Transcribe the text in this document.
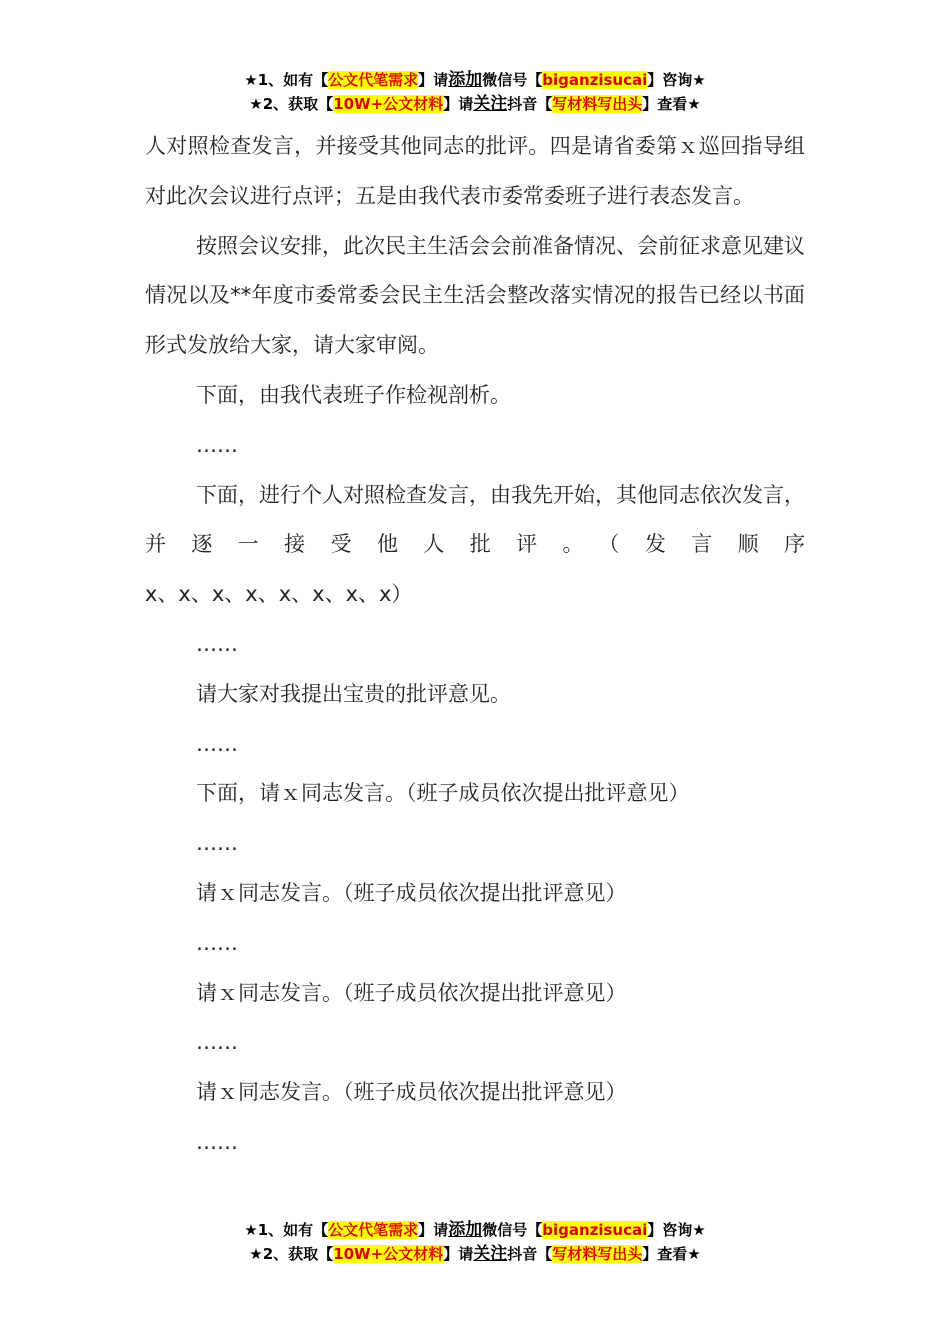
★1、如有【公文代笔需求】请添加微信号【biganzisucai】咨询★
★2、获取【10W+公文材料】请关注抖音【写材料写出头】查看★

人对照检查发言，并接受其他同志的批评。四是请省委第ｘ巡回指导组对此次会议进行点评；五是由我代表市委常委班子进行表态发言。

按照会议安排，此次民主生活会会前准备情况、会前征求意见建议情况以及**年度市委常委会民主生活会整改落实情况的报告已经以书面形式发放给大家，请大家审阅。

下面，由我代表班子作检视剖析。

……

下面，进行个人对照检查发言，由我先开始，其他同志依次发言，并逐一接受他人批评。（发言顺序

x、x、x、x、x、x、x、x）

……

请大家对我提出宝贵的批评意见。

……

下面，请ｘ同志发言。（班子成员依次提出批评意见）

……

请ｘ同志发言。（班子成员依次提出批评意见）

……

请ｘ同志发言。（班子成员依次提出批评意见）

……

请ｘ同志发言。（班子成员依次提出批评意见）

……

★1、如有【公文代笔需求】请添加微信号【biganzisucai】咨询★
★2、获取【10W+公文材料】请关注抖音【写材料写出头】查看★
